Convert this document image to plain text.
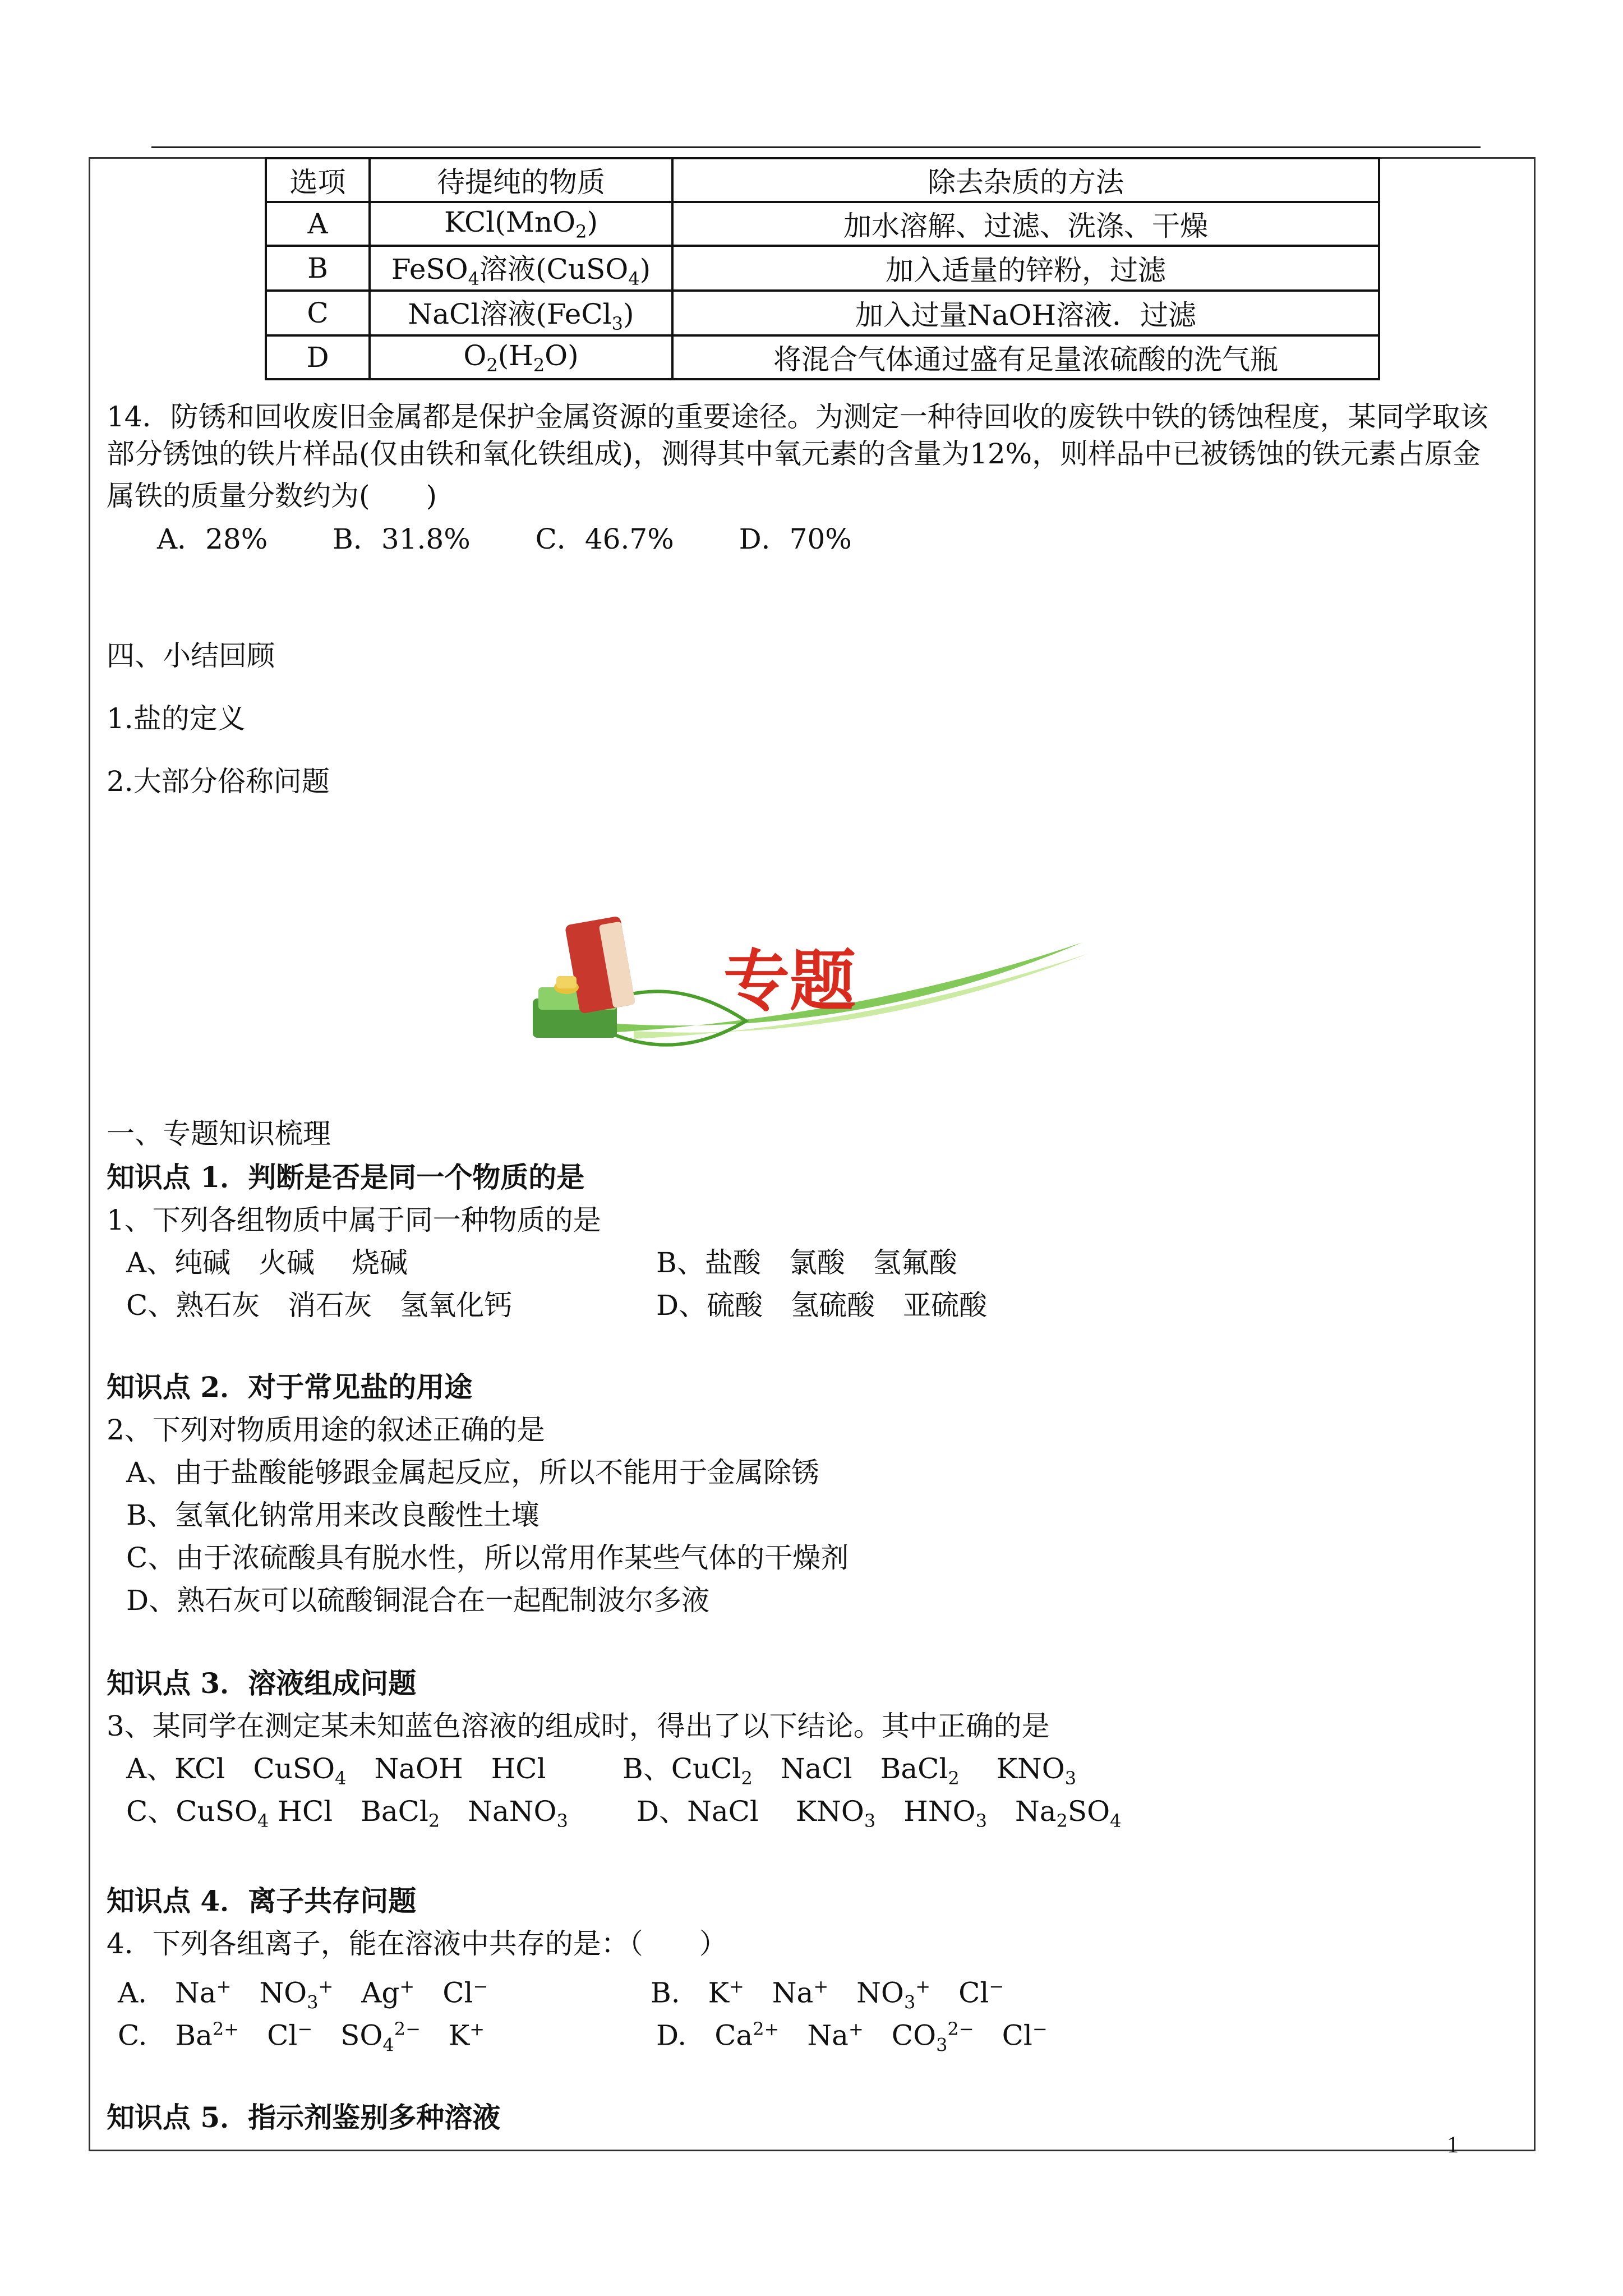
选项	待提纯的物质	除去杂质的方法
A	KCl(MnO$_2$)	加水溶解、过滤、洗涤、干燥
B	FeSO$_4$溶液(CuSO$_4$)	加入适量的锌粉，过滤
C	NaCl溶液(FeCl$_3$)	加入过量NaOH溶液．过滤
D	$O_2(H_2O)$	将混合气体通过盛有足量浓硫酸的洗气瓶
14．防锈和回收废旧金属都是保护金属资源的重要途径。为测定一种待回收的废铁中铁的锈蚀程度，某同学取该
部分锈蚀的铁片样品(仅由铁和氧化铁组成)，测得其中氧元素的含量为12%，则样品中已被锈蚀的铁元素占原金
属铁的质量分数约为(　　)
A．28%　　 B．31.8%　　 C．46.7%　　 D．70%
四、小结回顾
1.盐的定义
2.大部分俗称问题
专题
一、专题知识梳理
知识点 1．判断是否是同一个物质的是
1、下列各组物质中属于同一种物质的是
A、纯碱　火碱　 烧碱	B、盐酸　氯酸　氢氟酸
C、熟石灰　消石灰　氢氧化钙	D、硫酸　氢硫酸　亚硫酸
知识点 2．对于常见盐的用途
2、下列对物质用途的叙述正确的是
A、由于盐酸能够跟金属起反应，所以不能用于金属除锈
B、氢氧化钠常用来改良酸性土壤
C、由于浓硫酸具有脱水性，所以常用作某些气体的干燥剂
D、熟石灰可以硫酸铜混合在一起配制波尔多液
知识点 3．溶液组成问题
3、某同学在测定某未知蓝色溶液的组成时，得出了以下结论。其中正确的是
A、KCl　CuSO$_4$　NaOH　HCl	B、CuCl$_2$　NaCl　BaCl$_2$　 $KNO_3$
C、CuSO$_4$ HCl　BaCl$_2$　NaNO$_3$ D、NaCl　 $KNO_3$　$HNO_3$　$Na_2SO_4$
知识点 4．离子共存问题
4．下列各组离子，能在溶液中共存的是：（　　）
A.　Na+　$NO_3^+$　Ag+　Cl−	B.　K+　Na+　$NO_3^+$　Cl−
C.　$Ba^{2+}$　Cl−　$SO_4^{2-}$　K+	D.　$Ca^{2+}$　Na+　$CO_3^{2-}$　Cl−
知识点 5．指示剂鉴别多种溶液
1
